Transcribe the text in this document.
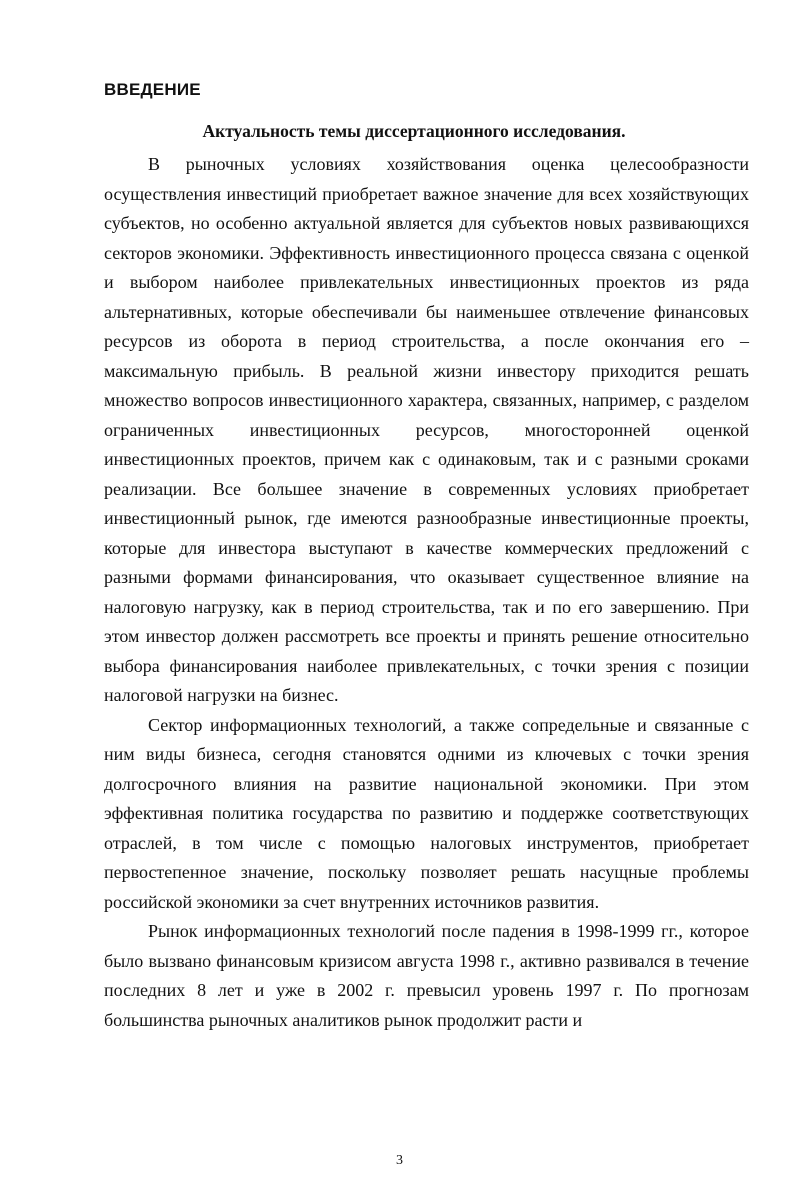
ВВЕДЕНИЕ
Актуальность темы диссертационного исследования.

В рыночных условиях хозяйствования оценка целесообразности осуществления инвестиций приобретает важное значение для всех хозяйствующих субъектов, но особенно актуальной является для субъектов новых развивающихся секторов экономики. Эффективность инвестиционного процесса связана с оценкой и выбором наиболее привлекательных инвестиционных проектов из ряда альтернативных, которые обеспечивали бы наименьшее отвлечение финансовых ресурсов из оборота в период строительства, а после окончания его – максимальную прибыль. В реальной жизни инвестору приходится решать множество вопросов инвестиционного характера, связанных, например, с разделом ограниченных инвестиционных ресурсов, многосторонней оценкой инвестиционных проектов, причем как с одинаковым, так и с разными сроками реализации. Все большее значение в современных условиях приобретает инвестиционный рынок, где имеются разнообразные инвестиционные проекты, которые для инвестора выступают в качестве коммерческих предложений с разными формами финансирования, что оказывает существенное влияние на налоговую нагрузку, как в период строительства, так и по его завершению. При этом инвестор должен рассмотреть все проекты и принять решение относительно выбора финансирования наиболее привлекательных, с точки зрения с позиции налоговой нагрузки на бизнес.

Сектор информационных технологий, а также сопредельные и связанные с ним виды бизнеса, сегодня становятся одними из ключевых с точки зрения долгосрочного влияния на развитие национальной экономики. При этом эффективная политика государства по развитию и поддержке соответствующих отраслей, в том числе с помощью налоговых инструментов, приобретает первостепенное значение, поскольку позволяет решать насущные проблемы российской экономики за счет внутренних источников развития.

Рынок информационных технологий после падения в 1998-1999 гг., которое было вызвано финансовым кризисом августа 1998 г., активно развивался в течение последних 8 лет и уже в 2002 г. превысил уровень 1997 г. По прогнозам большинства рыночных аналитиков рынок продолжит расти и

3
